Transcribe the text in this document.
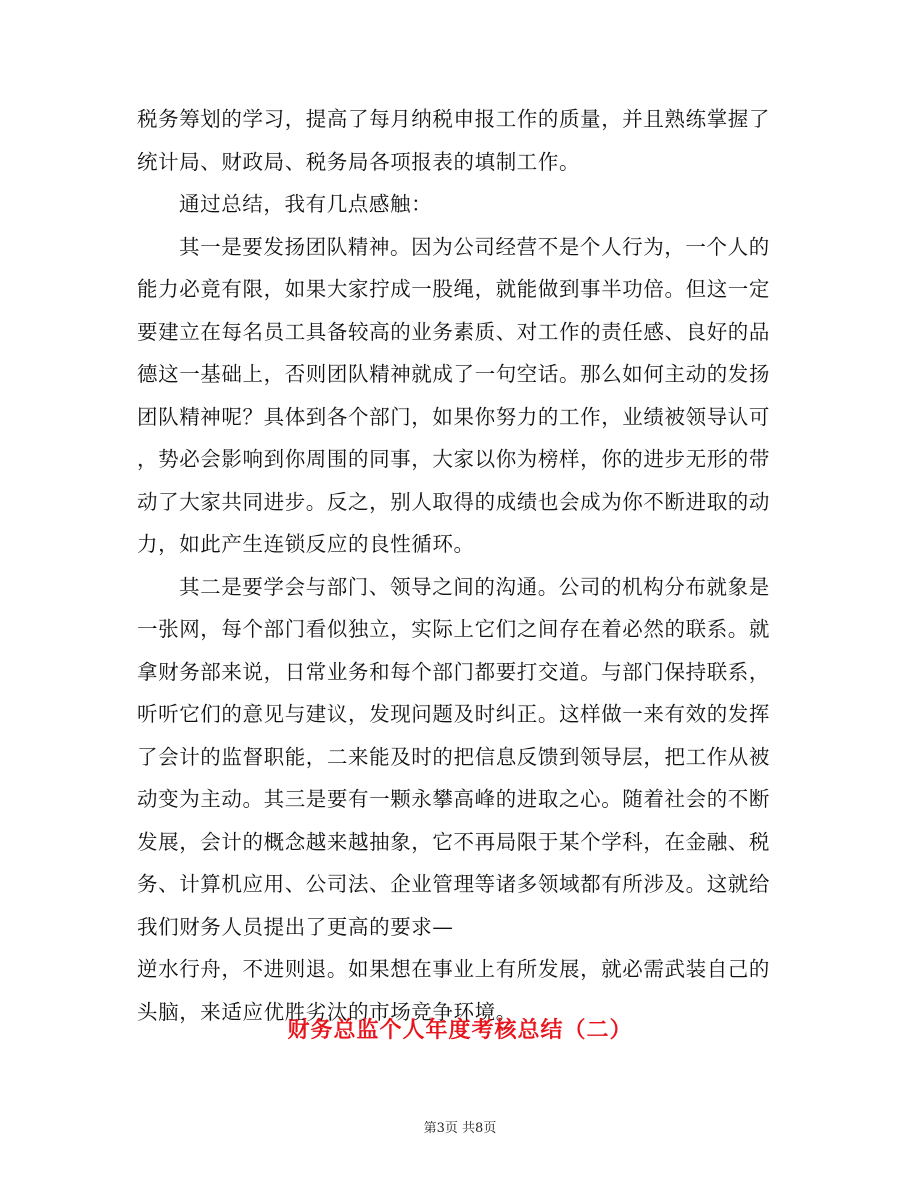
税务筹划的学习，提高了每月纳税申报工作的质量，并且熟练掌握了
统计局、财政局、税务局各项报表的填制工作。
通过总结，我有几点感触：
其一是要发扬团队精神。因为公司经营不是个人行为，一个人的
能力必竟有限，如果大家拧成一股绳，就能做到事半功倍。但这一定
要建立在每名员工具备较高的业务素质、对工作的责任感、良好的品
德这一基础上，否则团队精神就成了一句空话。那么如何主动的发扬
团队精神呢？具体到各个部门，如果你努力的工作，业绩被领导认可
，势必会影响到你周围的同事，大家以你为榜样，你的进步无形的带
动了大家共同进步。反之，别人取得的成绩也会成为你不断进取的动
力，如此产生连锁反应的良性循环。
其二是要学会与部门、领导之间的沟通。公司的机构分布就象是
一张网，每个部门看似独立，实际上它们之间存在着必然的联系。就
拿财务部来说，日常业务和每个部门都要打交道。与部门保持联系，
听听它们的意见与建议，发现问题及时纠正。这样做一来有效的发挥
了会计的监督职能，二来能及时的把信息反馈到领导层，把工作从被
动变为主动。其三是要有一颗永攀高峰的进取之心。随着社会的不断
发展，会计的概念越来越抽象，它不再局限于某个学科，在金融、税
务、计算机应用、公司法、企业管理等诸多领域都有所涉及。这就给
我们财务人员提出了更高的要求—
逆水行舟，不进则退。如果想在事业上有所发展，就必需武装自己的
头脑，来适应优胜劣汰的市场竞争环境。
财务总监个人年度考核总结（二）
第3页 共8页
